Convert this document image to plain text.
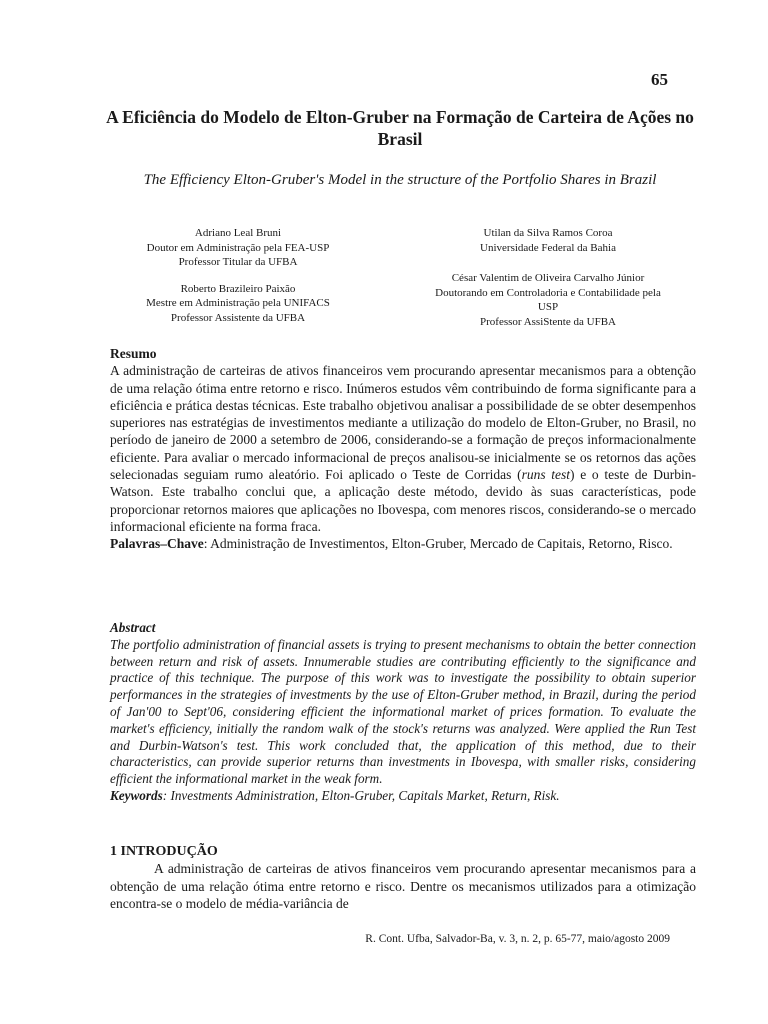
65
A Eficiência do Modelo de Elton-Gruber na Formação de Carteira de Ações no Brasil
The Efficiency Elton-Gruber's Model in the structure of the Portfolio Shares in Brazil
Adriano Leal Bruni
Doutor em Administração pela FEA-USP
Professor Titular da UFBA
Roberto Brazileiro Paixão
Mestre em Administração pela UNIFACS
Professor Assistente da UFBA
Utilan da Silva Ramos Coroa
Universidade Federal da Bahia
César Valentim de Oliveira Carvalho Júnior
Doutorando em Controladoria e Contabilidade pela
USP
Professor AssiStente da UFBA
Resumo

A administração de carteiras de ativos financeiros vem procurando apresentar mecanismos para a obtenção de uma relação ótima entre retorno e risco. Inúmeros estudos vêm contribuindo de forma significante para a eficiência e prática destas técnicas. Este trabalho objetivou analisar a possibilidade de se obter desempenhos superiores nas estratégias de investimentos mediante a utilização do modelo de Elton-Gruber, no Brasil, no período de janeiro de 2000 a setembro de 2006, considerando-se a formação de preços informacionalmente eficiente. Para avaliar o mercado informacional de preços analisou-se inicialmente se os retornos das ações selecionadas seguiam rumo aleatório. Foi aplicado o Teste de Corridas (runs test) e o teste de Durbin-Watson. Este trabalho conclui que, a aplicação deste método, devido às suas características, pode proporcionar retornos maiores que aplicações no Ibovespa, com menores riscos, considerando-se o mercado informacional eficiente na forma fraca.

Palavras–Chave: Administração de Investimentos, Elton-Gruber, Mercado de Capitais, Retorno, Risco.

Abstract

The portfolio administration of financial assets is trying to present mechanisms to obtain the better connection between return and risk of assets. Innumerable studies are contributing efficiently to the significance and practice of this technique. The purpose of this work was to investigate the possibility to obtain superior performances in the strategies of investments by the use of Elton-Gruber method, in Brazil, during the period of Jan'00 to Sept'06, considering efficient the informational market of prices formation. To evaluate the market's efficiency, initially the random walk of the stock's returns was analyzed. Were applied the Run Test and Durbin-Watson's test. This work concluded that, the application of this method, due to their characteristics, can provide superior returns than investments in Ibovespa, with smaller risks, considering efficient the informational market in the weak form.

Keywords: Investments Administration, Elton-Gruber, Capitals Market, Return, Risk.

1 INTRODUÇÃO

A administração de carteiras de ativos financeiros vem procurando apresentar mecanismos para a obtenção de uma relação ótima entre retorno e risco. Dentre os mecanismos utilizados para a otimização encontra-se o modelo de média-variância de

R. Cont. Ufba, Salvador-Ba, v. 3, n. 2, p. 65-77, maio/agosto 2009
